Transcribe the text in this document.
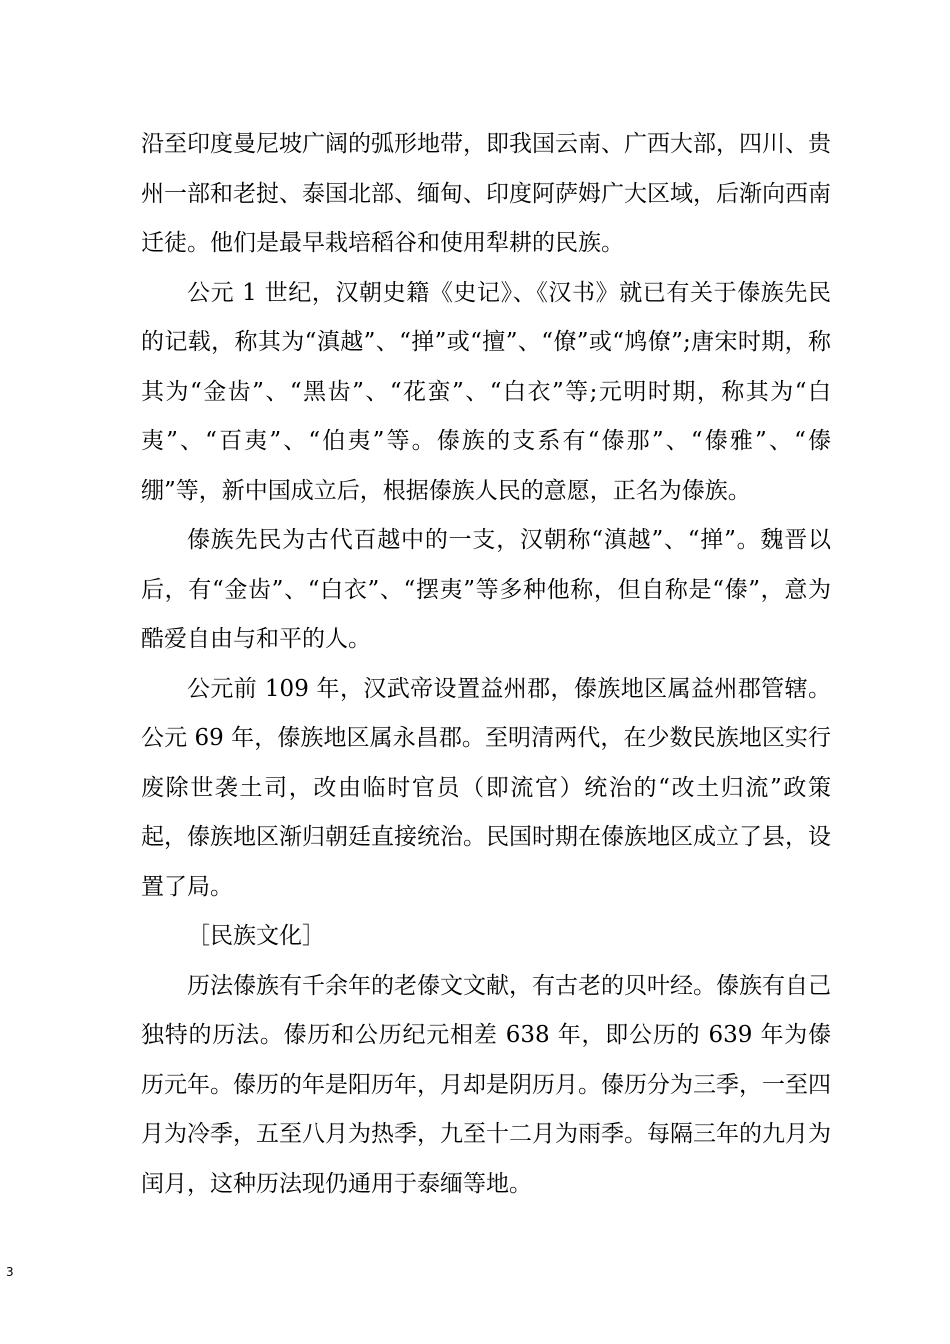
沿至印度曼尼坡广阔的弧形地带，即我国云南、广西大部，四川、贵州一部和老挝、泰国北部、缅甸、印度阿萨姆广大区域，后渐向西南迁徒。他们是最早栽培稻谷和使用犁耕的民族。

公元 1 世纪，汉朝史籍《史记》、《汉书》就已有关于傣族先民的记载，称其为“滇越”、“掸”或“擅”、“僚”或“鸠僚”;唐宋时期，称其为“金齿”、“黑齿”、“花蛮”、“白衣”等;元明时期，称其为“白夷”、“百夷”、“伯夷”等。傣族的支系有“傣那”、“傣雅”、“傣绷”等，新中国成立后，根据傣族人民的意愿，正名为傣族。

傣族先民为古代百越中的一支，汉朝称“滇越”、“掸”。魏晋以后，有“金齿”、“白衣”、“摆夷”等多种他称，但自称是“傣”，意为酷爱自由与和平的人。

公元前 109 年，汉武帝设置益州郡，傣族地区属益州郡管辖。公元 69 年，傣族地区属永昌郡。至明清两代，在少数民族地区实行废除世袭土司，改由临时官员（即流官）统治的“改土归流”政策起，傣族地区渐归朝廷直接统治。民国时期在傣族地区成立了县，设置了局。

［民族文化］

历法傣族有千余年的老傣文文献，有古老的贝叶经。傣族有自己独特的历法。傣历和公历纪元相差 638 年，即公历的 639 年为傣历元年。傣历的年是阳历年，月却是阴历月。傣历分为三季，一至四月为冷季，五至八月为热季，九至十二月为雨季。每隔三年的九月为闰月，这种历法现仍通用于泰缅等地。

3
